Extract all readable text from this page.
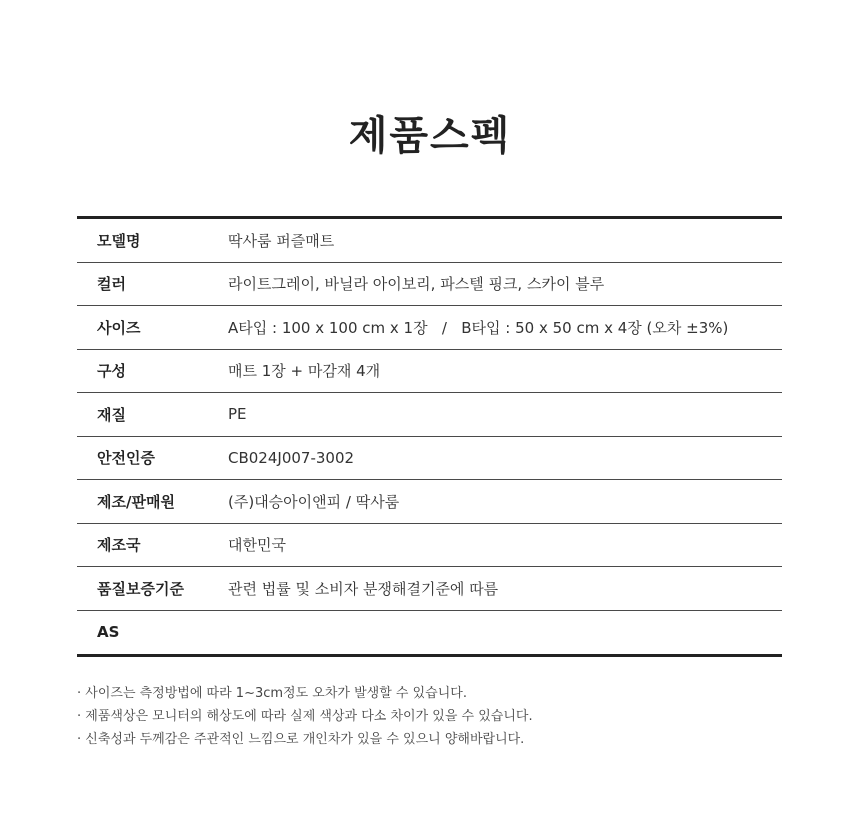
제품스펙
모델명	딱사룸 퍼즐매트
컬러	라이트그레이, 바닐라 아이보리, 파스텔 핑크, 스카이 블루
사이즈	A타입 : 100 x 100 cm x 1장   /   B타입 : 50 x 50 cm x 4장 (오차 ±3%)
구성	매트 1장 + 마감재 4개
재질	PE
안전인증	CB024J007-3002
제조/판매원	(주)대승아이앤피 / 딱사룸
제조국	대한민국
품질보증기준	관련 법률 및 소비자 분쟁해결기준에 따름
AS
· 사이즈는 측정방법에 따라 1~3cm정도 오차가 발생할 수 있습니다.
· 제품색상은 모니터의 해상도에 따라 실제 색상과 다소 차이가 있을 수 있습니다.
· 신축성과 두께감은 주관적인 느낌으로 개인차가 있을 수 있으니 양해바랍니다.
